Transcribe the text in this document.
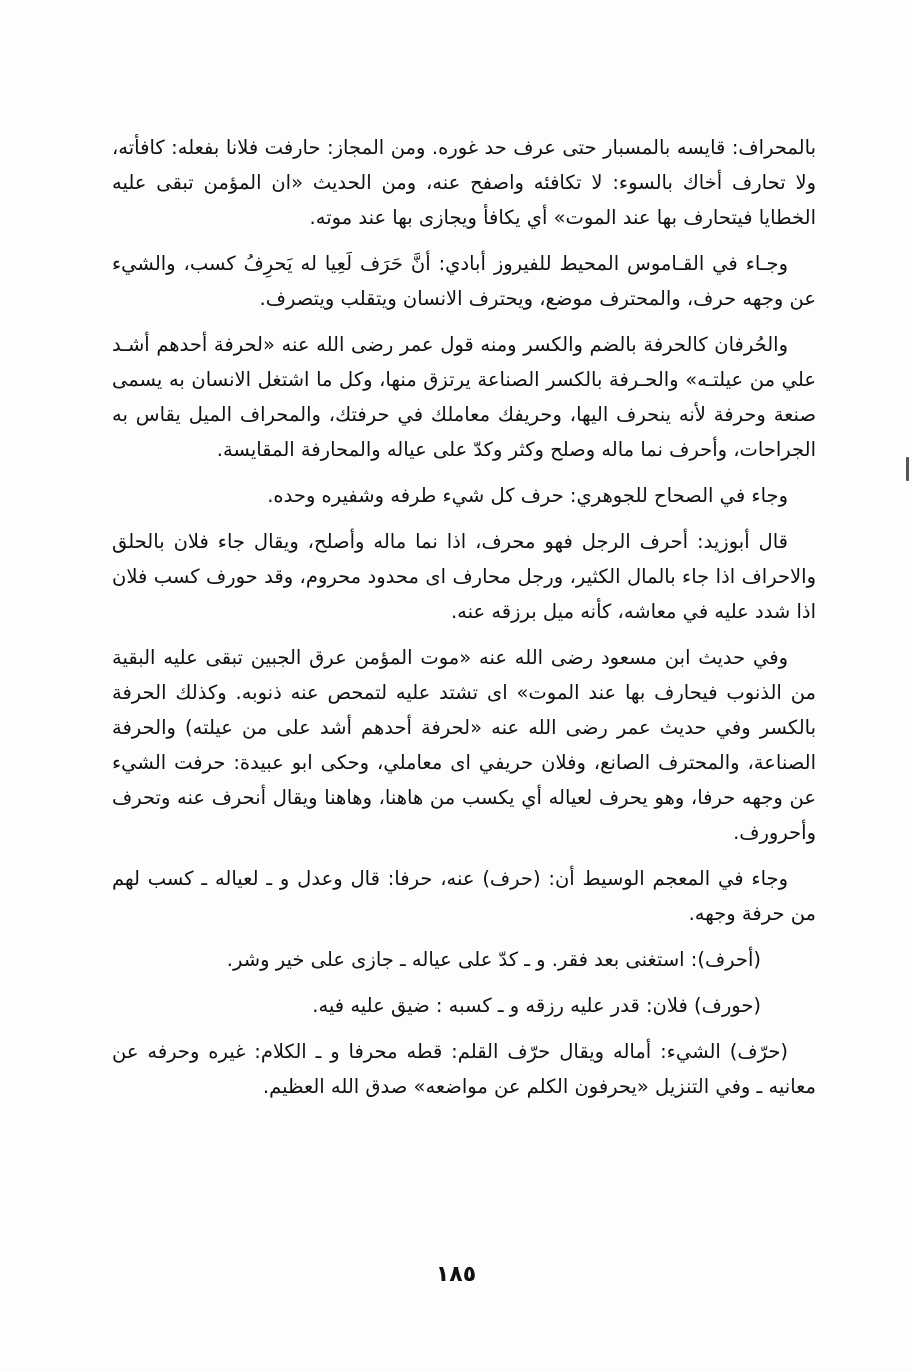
بالمحراف: قايسه بالمسبار حتى عرف حد غوره. ومن المجاز: حارفت فلانا بفعله: كافأته، ولا تحارف أخاك بالسوء: لا تكافئه واصفح عنه، ومن الحديث «ان المؤمن تبقى عليه الخطايا فيتحارف بها عند الموت» أي يكافأ ويجازى بها عند موته.

وجـاء في القـاموس المحيط للفيروز أبادي: أنَّ حَرَف لَعِيا له يَحرِفُ كسب، والشيء عن وجهه حرف، والمحترف موضع، ويحترف الانسان ويتقلب ويتصرف.

والحُرفان كالحرفة بالضم والكسر ومنه قول عمر رضى الله عنه «لحرفة أحدهم أشـد علي من عيلتـه» والحـرفة بالكسر الصناعة يرتزق منها، وكل ما اشتغل الانسان به يسمى صنعة وحرفة لأنه ينحرف اليها، وحريفك معاملك في حرفتك، والمحراف الميل يقاس به الجراحات، وأحرف نما ماله وصلح وكثر وكدّ على عياله والمحارفة المقايسة.

وجاء في الصحاح للجوهري: حرف كل شيء طرفه وشفيره وحده.

قال أبوزيد: أحرف الرجل فهو محرف، اذا نما ماله وأصلح، ويقال جاء فلان بالحلق والاحراف اذا جاء بالمال الكثير، ورجل محارف اى محدود محروم، وقد حورف كسب فلان اذا شدد عليه في معاشه، كأنه ميل برزقه عنه.

وفي حديث ابن مسعود رضى الله عنه «موت المؤمن عرق الجبين تبقى عليه البقية من الذنوب فيحارف بها عند الموت» اى تشتد عليه لتمحص عنه ذنوبه. وكذلك الحرفة بالكسر وفي حديث عمر رضى الله عنه «لحرفة أحدهم أشد على من عيلته) والحرفة الصناعة، والمحترف الصانع، وفلان حريفي اى معاملي، وحكى ابو عبيدة: حرفت الشيء عن وجهه حرفا، وهو يحرف لعياله أي يكسب من هاهنا، وهاهنا ويقال أنحرف عنه وتحرف وأحرورف.

وجاء في المعجم الوسيط أن: (حرف) عنه، حرفا: قال وعدل و ـ لعياله ـ كسب لهم من حرفة وجهه.

(أحرف): استغنى بعد فقر. و ـ كدّ على عياله ـ جازى على خير وشر.

(حورف) فلان: قدر عليه رزقه و ـ كسبه : ضيق عليه فيه.

(حرّف) الشيء: أماله ويقال حرّف القلم: قطه محرفا و ـ الكلام: غيره وحرفه عن معانيه ـ وفي التنزيل «يحرفون الكلم عن مواضعه» صدق الله العظيم.

١٨٥
